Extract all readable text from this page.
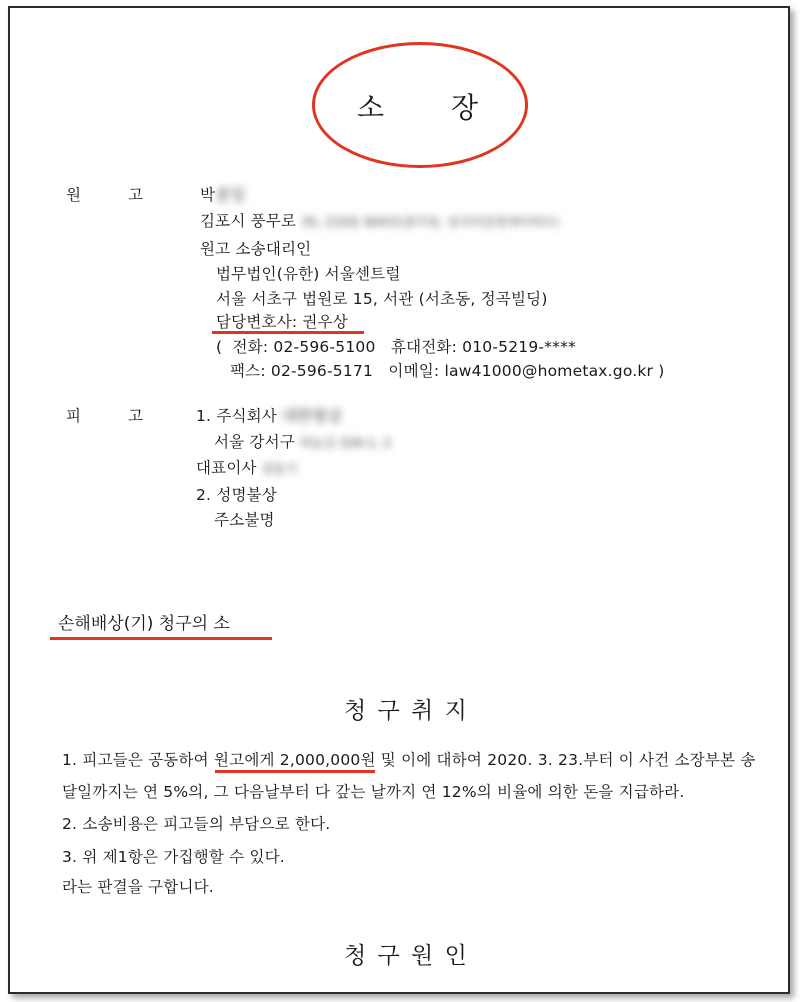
소 장
원	고	박종일
김포시 풍무로 35, 210동 604호(풍무동, 당곡마을현대아파트)
원고 소송대리인
법무법인(유한) 서울센트럴
서울 서초구 법원로 15, 서관 (서초동, 정곡빌딩)
담당변호사: 권우상
(  전화: 02-596-5100   휴대전화: 010-5219-****
팩스: 02-596-5171   이메일: law41000@hometax.go.kr )
피	고	1. 주식회사 대한항공
서울 강서구 하늘길 326-1, 2
대표이사 장동기
2. 성명불상
주소불명
손해배상(기) 청구의 소
청 구 취 지
1. 피고들은 공동하여 원고에게 2,000,000원 및 이에 대하여 2020. 3. 23.부터 이 사건 소장부본 송
달일까지는 연 5%의, 그 다음날부터 다 갚는 날까지 연 12%의 비율에 의한 돈을 지급하라.
2. 소송비용은 피고들의 부담으로 한다.
3. 위 제1항은 가집행할 수 있다.
라는 판결을 구합니다.
청 구 원 인
